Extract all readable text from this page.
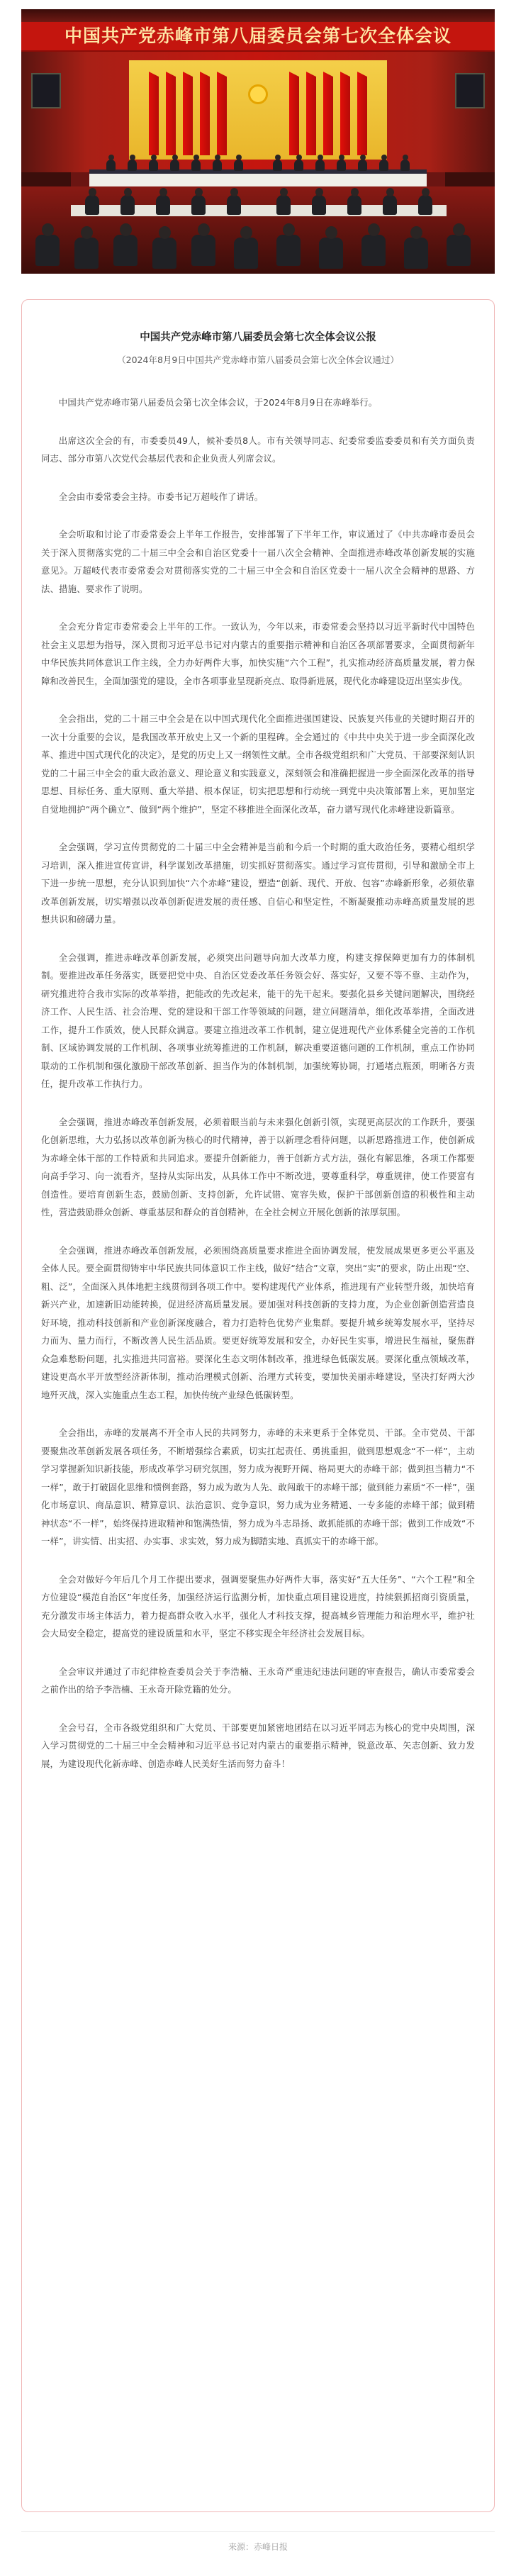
中国共产党赤峰市第八届委员会第七次全体会议
中国共产党赤峰市第八届委员会第七次全体会议公报

（2024年8月9日中国共产党赤峰市第八届委员会第七次全体会议通过）

中国共产党赤峰市第八届委员会第七次全体会议，于2024年8月9日在赤峰举行。

出席这次全会的有，市委委员49人，候补委员8人。市有关领导同志、纪委常委监委委员和有关方面负责同志、部分市第八次党代会基层代表和企业负责人列席会议。

全会由市委常委会主持。市委书记万超岐作了讲话。

全会听取和讨论了市委常委会上半年工作报告，安排部署了下半年工作，审议通过了《中共赤峰市委员会关于深入贯彻落实党的二十届三中全会和自治区党委十一届八次全会精神、全面推进赤峰改革创新发展的实施意见》。万超岐代表市委常委会对贯彻落实党的二十届三中全会和自治区党委十一届八次全会精神的思路、方法、措施、要求作了说明。

全会充分肯定市委常委会上半年的工作。一致认为，今年以来，市委常委会坚持以习近平新时代中国特色社会主义思想为指导，深入贯彻习近平总书记对内蒙古的重要指示精神和自治区各项部署要求，全面贯彻新年中华民族共同体意识工作主线，全力办好两件大事，加快实施“六个工程”，扎实推动经济高质量发展，着力保障和改善民生，全面加强党的建设，全市各项事业呈现新亮点、取得新进展，现代化赤峰建设迈出坚实步伐。

全会指出，党的二十届三中全会是在以中国式现代化全面推进强国建设、民族复兴伟业的关键时期召开的一次十分重要的会议，是我国改革开放史上又一个新的里程碑。全会通过的《中共中央关于进一步全面深化改革、推进中国式现代化的决定》，是党的历史上又一纲领性文献。全市各级党组织和广大党员、干部要深刻认识党的二十届三中全会的重大政治意义、理论意义和实践意义，深刻领会和准确把握进一步全面深化改革的指导思想、目标任务、重大原则、重大举措、根本保证，切实把思想和行动统一到党中央决策部署上来，更加坚定自觉地拥护“两个确立”、做到“两个维护”，坚定不移推进全面深化改革，奋力谱写现代化赤峰建设新篇章。

全会强调，学习宣传贯彻党的二十届三中全会精神是当前和今后一个时期的重大政治任务，要精心组织学习培训，深入推进宣传宣讲，科学谋划改革措施，切实抓好贯彻落实。通过学习宣传贯彻，引导和激励全市上下进一步统一思想，充分认识到加快“六个赤峰”建设，塑造“创新、现代、开放、包容”赤峰新形象，必须依靠改革创新发展，切实增强以改革创新促进发展的责任感、自信心和坚定性，不断凝聚推动赤峰高质量发展的思想共识和磅礴力量。

全会强调，推进赤峰改革创新发展，必须突出问题导向加大改革力度，构建支撑保障更加有力的体制机制。要推进改革任务落实，既要把党中央、自治区党委改革任务领会好、落实好，又要不等不靠、主动作为，研究推进符合我市实际的改革举措，把能改的先改起来，能干的先干起来。要强化县乡关键问题解决，围绕经济工作、人民生活、社会治理、党的建设和干部工作等领域的问题，建立问题清单，细化改革举措，全面改进工作，提升工作质效，使人民群众满意。要建立推进改革工作机制，建立促进现代产业体系健全完善的工作机制、区域协调发展的工作机制、各项事业统筹推进的工作机制，解决重要道德问题的工作机制，重点工作协同联动的工作机制和强化激励干部改革创新、担当作为的体制机制，加强统筹协调，打通堵点瓶颈，明晰各方责任，提升改革工作执行力。

全会强调，推进赤峰改革创新发展，必须着眼当前与未来强化创新引领，实现更高层次的工作跃升，要强化创新思维，大力弘扬以改革创新为核心的时代精神，善于以新理念看待问题，以新思路推进工作，使创新成为赤峰全体干部的工作特质和共同追求。要提升创新能力，善于创新方式方法，强化有解思维，各项工作都要向高手学习、向一流看齐，坚持从实际出发，从具体工作中不断改进，要尊重科学，尊重规律，使工作要富有创造性。要培育创新生态，鼓励创新、支持创新，允许试错、宽容失败，保护干部创新创造的积极性和主动性，营造鼓励群众创新、尊重基层和群众的首创精神，在全社会树立开展化创新的浓厚氛围。

全会强调，推进赤峰改革创新发展，必须围绕高质量要求推进全面协调发展，使发展成果更多更公平惠及全体人民。要全面贯彻铸牢中华民族共同体意识工作主线，做好“结合”文章，突出“实”的要求，防止出现“空、粗、泛”，全面深入具体地把主线贯彻到各项工作中。要构建现代产业体系，推进现有产业转型升级，加快培育新兴产业，加速新旧动能转换，促进经济高质量发展。要加强对科技创新的支持力度，为企业创新创造营造良好环境，推动科技创新和产业创新深度融合，着力打造特色优势产业集群。要提升城乡统筹发展水平，坚持尽力而为、量力而行，不断改善人民生活品质。要更好统筹发展和安全，办好民生实事，增进民生福祉，聚焦群众急难愁盼问题，扎实推进共同富裕。要深化生态文明体制改革，推进绿色低碳发展。要深化重点领域改革，建设更高水平开放型经济新体制，推动治理模式创新、治理方式转变，要加快美丽赤峰建设，坚决打好两大沙地歼灭战，深入实施重点生态工程，加快传统产业绿色低碳转型。

全会指出，赤峰的发展离不开全市人民的共同努力，赤峰的未来更系于全体党员、干部。全市党员、干部要聚焦改革创新发展各项任务，不断增强综合素质，切实扛起责任、勇挑重担，做到思想观念“不一样”，主动学习掌握新知识新技能，形成改革学习研究氛围，努力成为视野开阔、格局更大的赤峰干部；做到担当精力“不一样”，敢于打破固化思维和惯例套路，努力成为敢为人先、敢闯敢干的赤峰干部；做到能力素质“不一样”，强化市场意识、商品意识、精算意识、法治意识、竞争意识，努力成为业务精通、一专多能的赤峰干部；做到精神状态“不一样”，始终保持进取精神和饱满热情，努力成为斗志昂扬、敢抓能抓的赤峰干部；做到工作成效“不一样”，讲实情、出实招、办实事、求实效，努力成为脚踏实地、真抓实干的赤峰干部。

全会对做好今年后几个月工作提出要求，强调要聚焦办好两件大事，落实好“五大任务”、“六个工程”和全方位建设“模范自治区”年度任务，加强经济运行监测分析，加快重点项目建设进度，持续狠抓招商引资质量，充分激发市场主体活力，着力提高群众收入水平，强化人才科技支撑，提高城乡管理能力和治理水平，维护社会大局安全稳定，提高党的建设质量和水平，坚定不移实现全年经济社会发展目标。

全会审议并通过了市纪律检查委员会关于李浩楠、王永奇严重违纪违法问题的审查报告，确认市委常委会之前作出的给予李浩楠、王永奇开除党籍的处分。

全会号召，全市各级党组织和广大党员、干部要更加紧密地团结在以习近平同志为核心的党中央周围，深入学习贯彻党的二十届三中全会精神和习近平总书记对内蒙古的重要指示精神，锐意改革、矢志创新、致力发展，为建设现代化新赤峰、创造赤峰人民美好生活而努力奋斗！

来源：赤峰日报
